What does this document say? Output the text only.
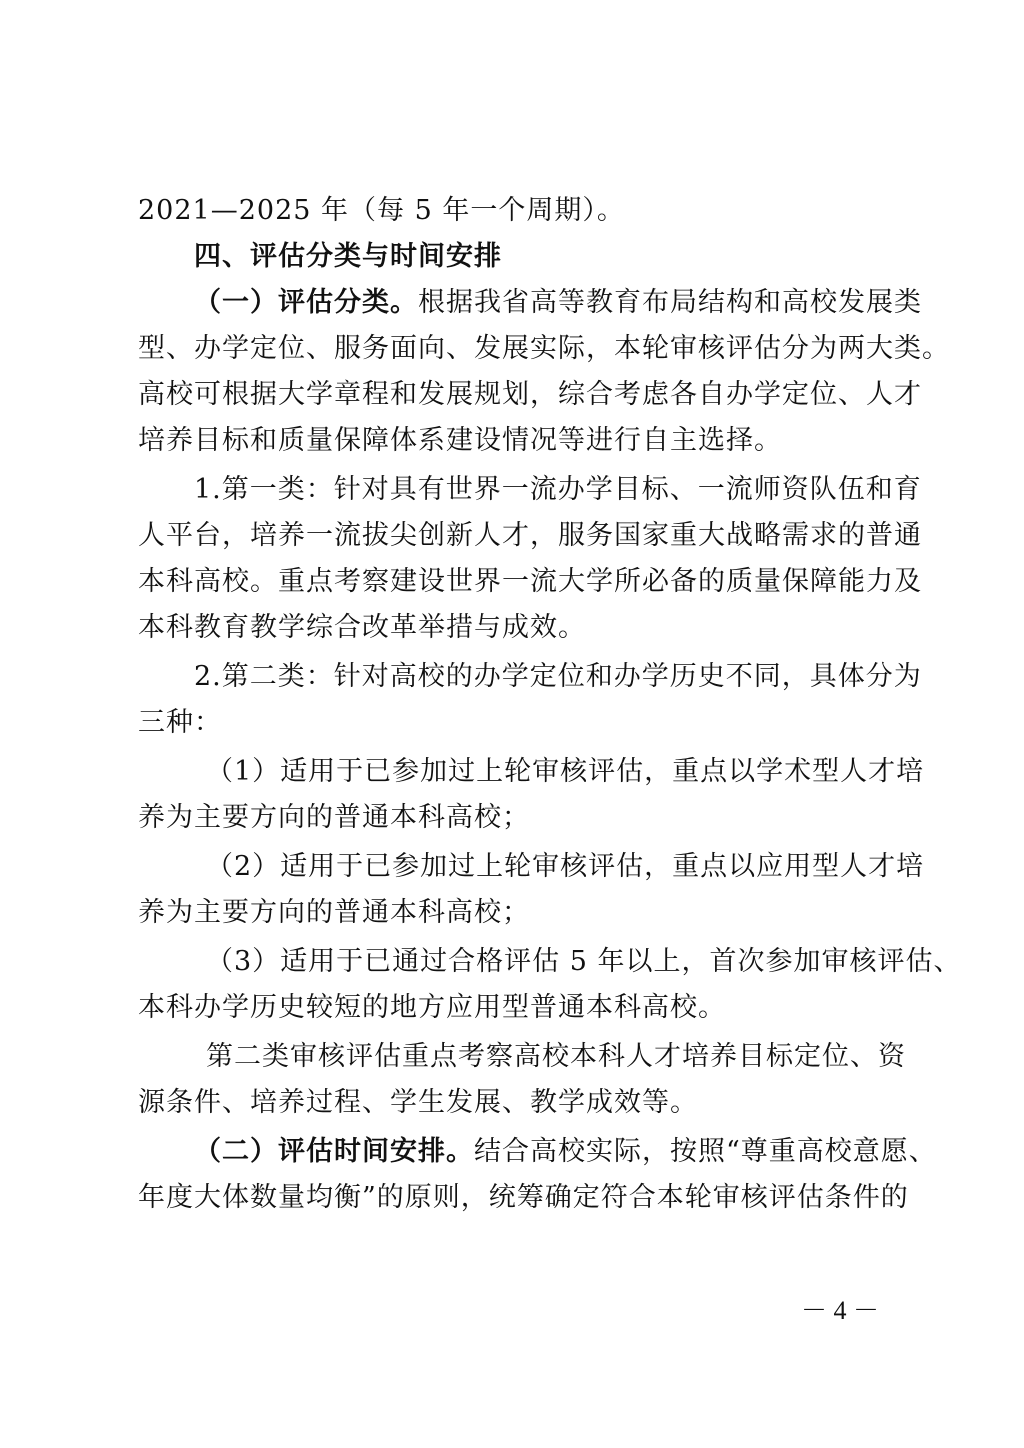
2021—2025 年（每 5 年一个周期）。
四、评估分类与时间安排
（一）评估分类。根据我省高等教育布局结构和高校发展类
型、办学定位、服务面向、发展实际，本轮审核评估分为两大类。
高校可根据大学章程和发展规划，综合考虑各自办学定位、人才
培养目标和质量保障体系建设情况等进行自主选择。
1.第一类：针对具有世界一流办学目标、一流师资队伍和育
人平台，培养一流拔尖创新人才，服务国家重大战略需求的普通
本科高校。重点考察建设世界一流大学所必备的质量保障能力及
本科教育教学综合改革举措与成效。
2.第二类：针对高校的办学定位和办学历史不同，具体分为
三种：
（1）适用于已参加过上轮审核评估，重点以学术型人才培
养为主要方向的普通本科高校；
（2）适用于已参加过上轮审核评估，重点以应用型人才培
养为主要方向的普通本科高校；
（3）适用于已通过合格评估 5 年以上，首次参加审核评估、
本科办学历史较短的地方应用型普通本科高校。
第二类审核评估重点考察高校本科人才培养目标定位、资
源条件、培养过程、学生发展、教学成效等。
（二）评估时间安排。结合高校实际，按照“尊重高校意愿、
年度大体数量均衡”的原则，统筹确定符合本轮审核评估条件的
－ 4 －
